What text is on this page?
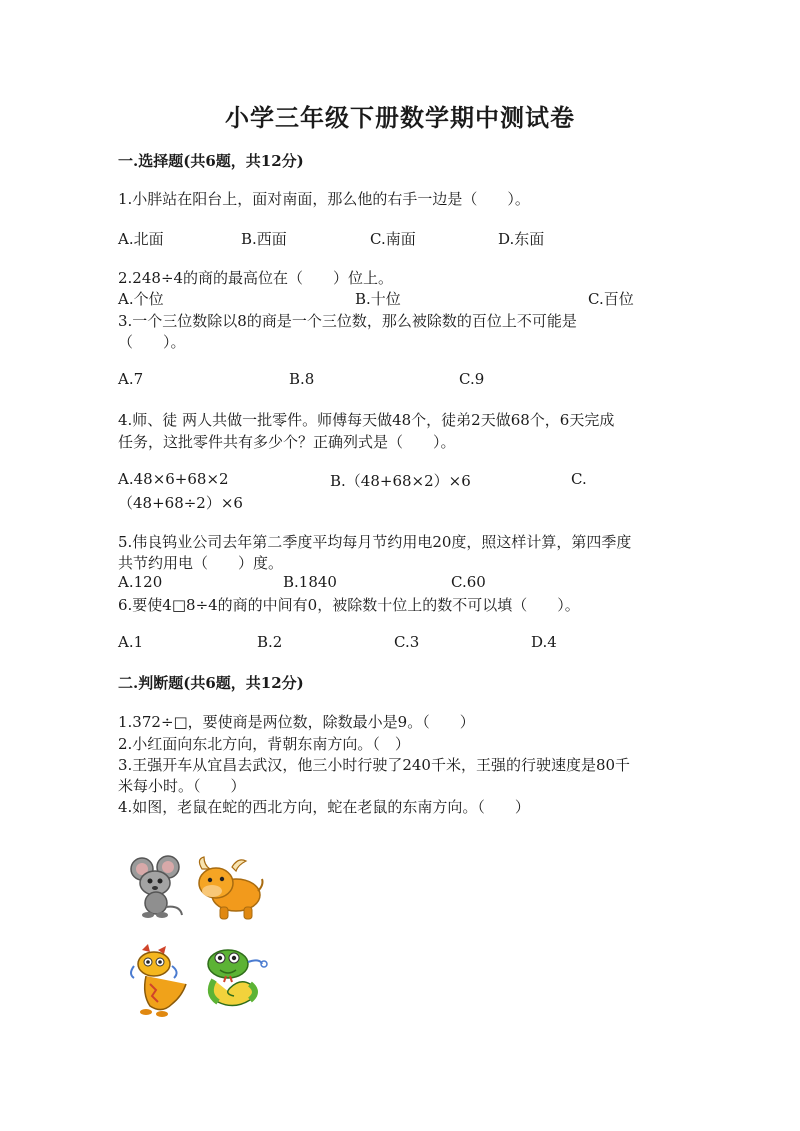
小学三年级下册数学期中测试卷
一.选择题(共6题，共12分)
1.小胖站在阳台上，面对南面，那么他的右手一边是（　　）。
A.北面	B.西面	C.南面	D.东面
2.248÷4的商的最高位在（　　）位上。
A.个位	B.十位	C.百位
3.一个三位数除以8的商是一个三位数，那么被除数的百位上不可能是
（　　）。
A.7	B.8	C.9
4.师、徒 两人共做一批零件。师傅每天做48个，徒弟2天做68个，6天完成
任务，这批零件共有多少个？正确列式是（　　）。
A.48×6+68×2	B.（48+68×2）×6	C.
（48+68÷2）×6
5.伟良钨业公司去年第二季度平均每月节约用电20度，照这样计算，第四季度
共节约用电（　　）度。
A.120	B.1840	C.60
6.要使4□8÷4的商的中间有0，被除数十位上的数不可以填（　　）。
A.1	B.2	C.3	D.4
二.判断题(共6题，共12分)
1.372÷□，要使商是两位数，除数最小是9。（　　）
2.小红面向东北方向，背朝东南方向。（　）
3.王强开车从宜昌去武汉，他三小时行驶了240千米，王强的行驶速度是80千
米每小时。（　　）
4.如图，老鼠在蛇的西北方向，蛇在老鼠的东南方向。（　　）
